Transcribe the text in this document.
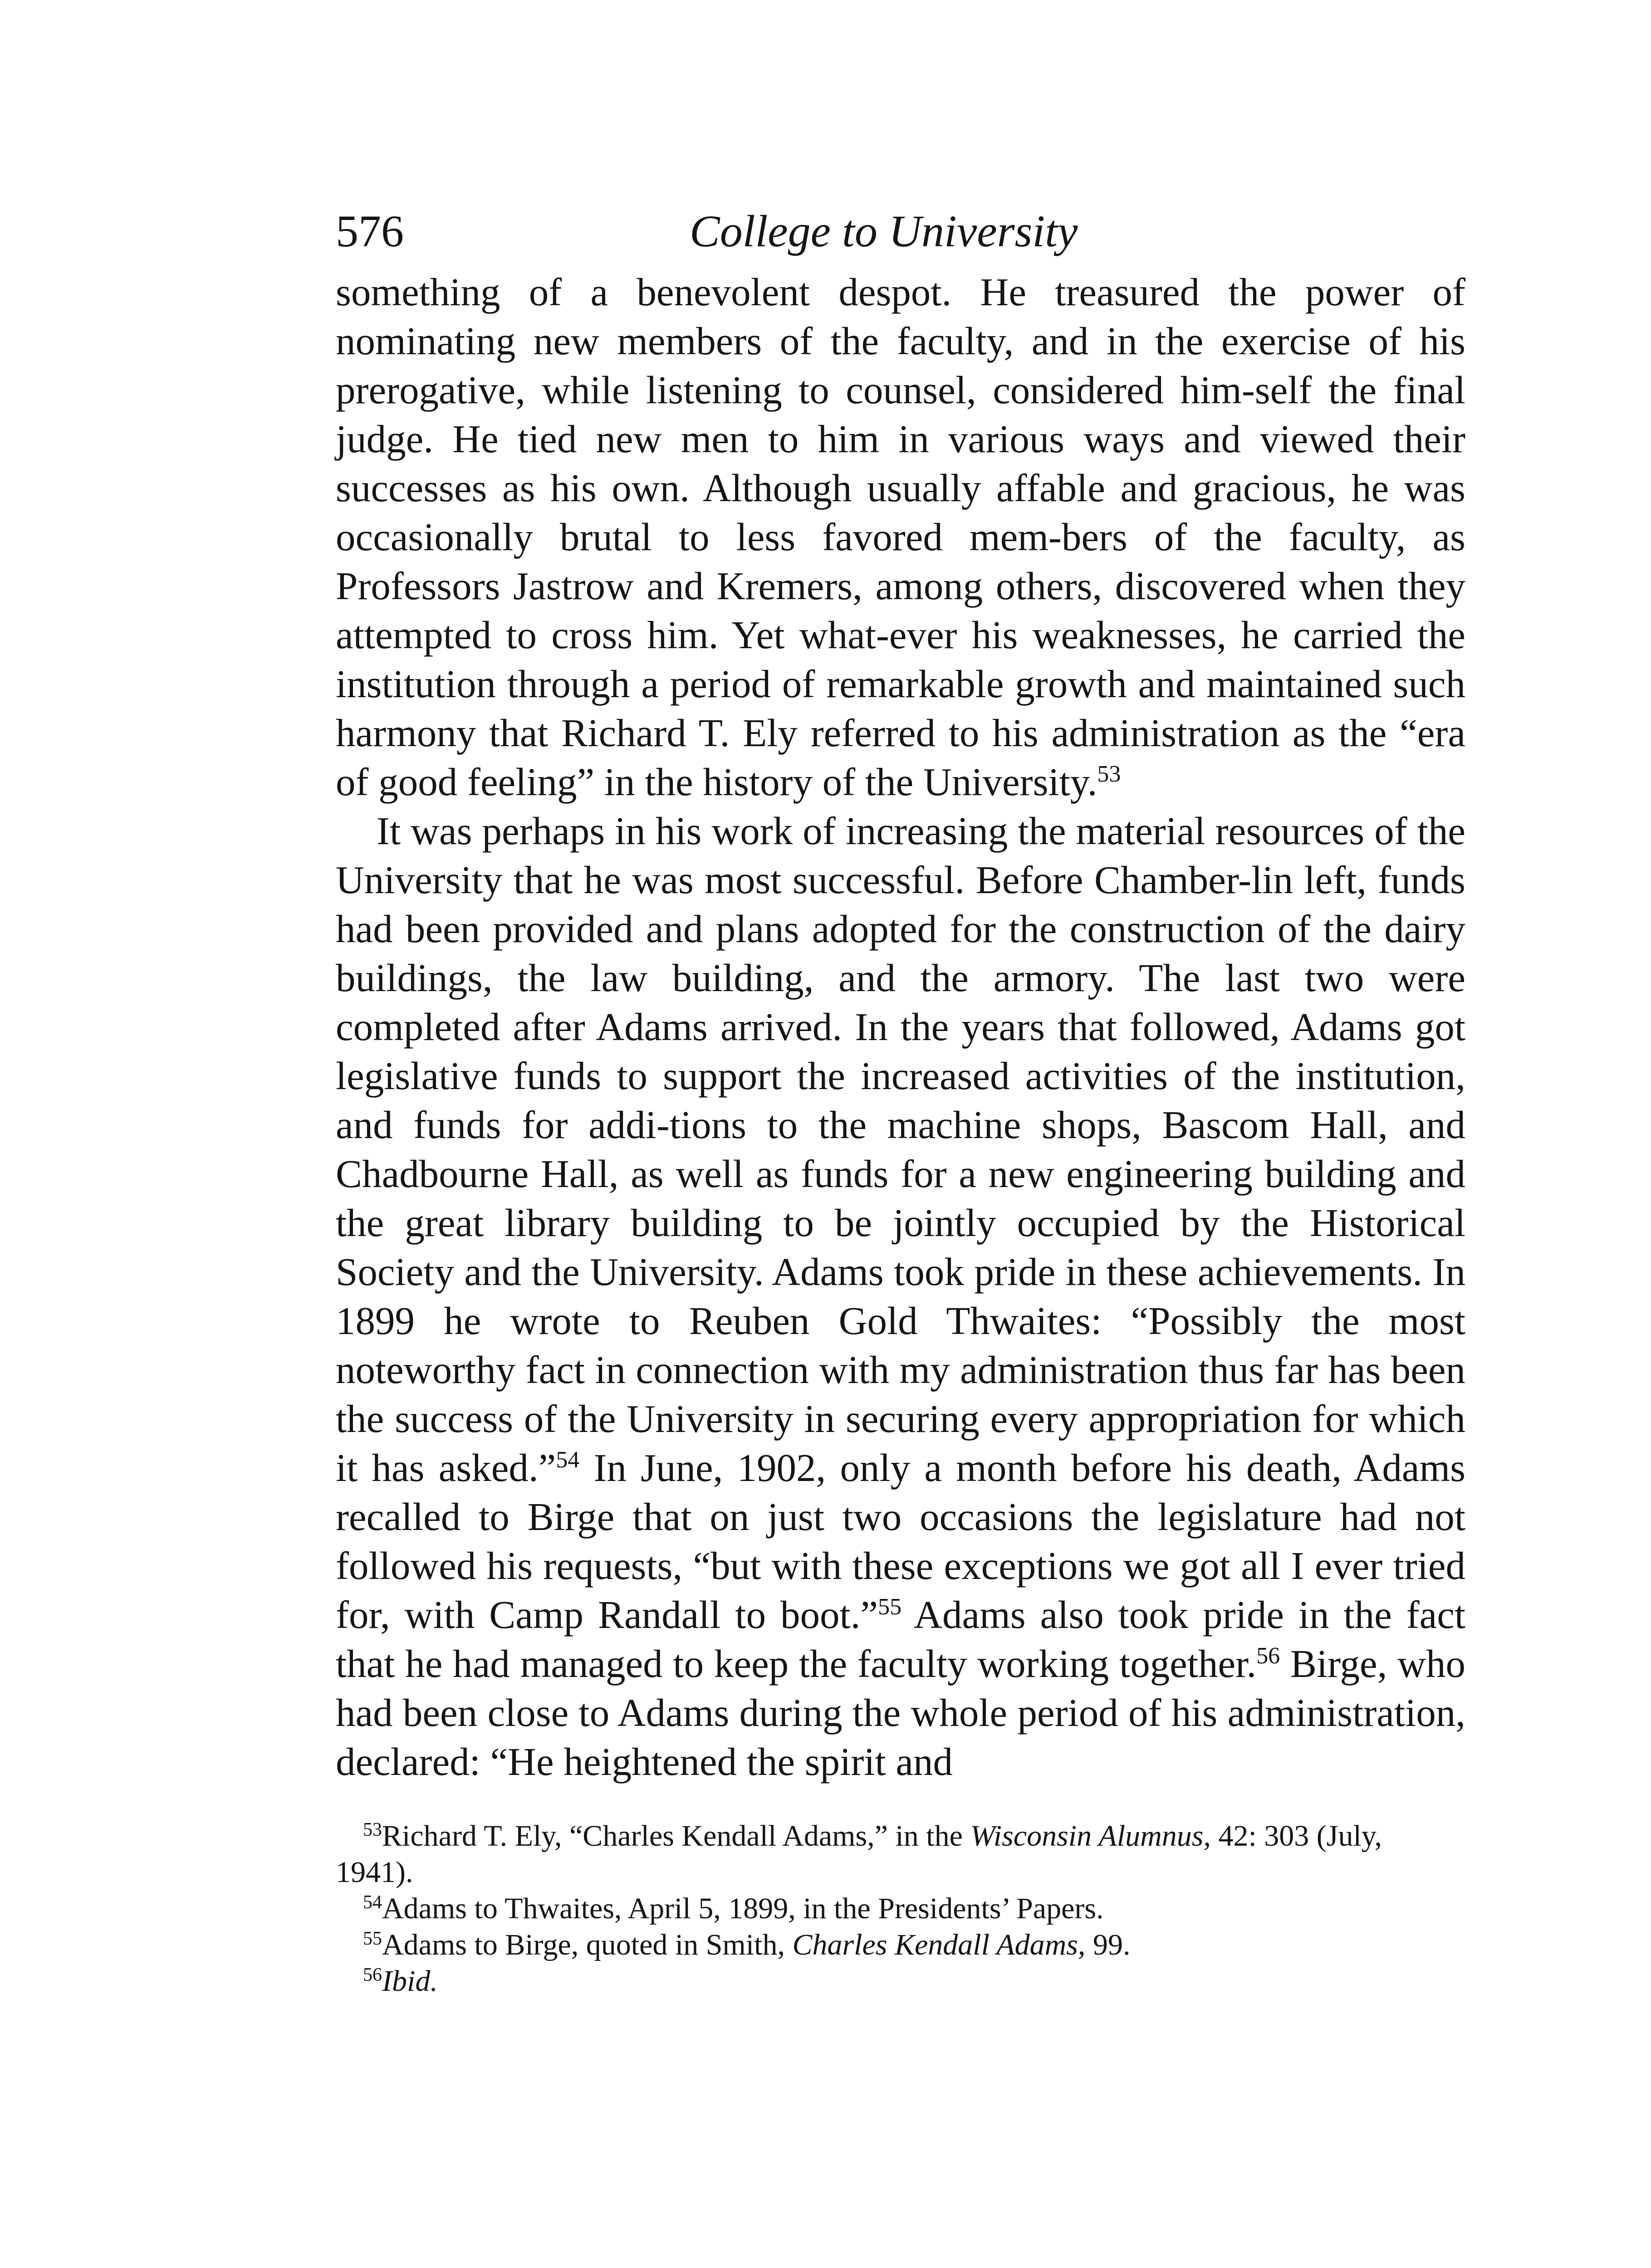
576	College to University

something of a benevolent despot. He treasured the power of nominating new members of the faculty, and in the exercise of his prerogative, while listening to counsel, considered him-self the final judge. He tied new men to him in various ways and viewed their successes as his own. Although usually affable and gracious, he was occasionally brutal to less favored mem-bers of the faculty, as Professors Jastrow and Kremers, among others, discovered when they attempted to cross him. Yet what-ever his weaknesses, he carried the institution through a period of remarkable growth and maintained such harmony that Richard T. Ely referred to his administration as the “era of good feeling” in the history of the University.$^{53}$

It was perhaps in his work of increasing the material resources of the University that he was most successful. Before Chamber-lin left, funds had been provided and plans adopted for the construction of the dairy buildings, the law building, and the armory. The last two were completed after Adams arrived. In the years that followed, Adams got legislative funds to support the increased activities of the institution, and funds for addi-tions to the machine shops, Bascom Hall, and Chadbourne Hall, as well as funds for a new engineering building and the great library building to be jointly occupied by the Historical Society and the University. Adams took pride in these achievements. In 1899 he wrote to Reuben Gold Thwaites: “Possibly the most noteworthy fact in connection with my administration thus far has been the success of the University in securing every appropriation for which it has asked.”$^{54}$ In June, 1902, only a month before his death, Adams recalled to Birge that on just two occasions the legislature had not followed his requests, “but with these exceptions we got all I ever tried for, with Camp Randall to boot.”$^{55}$ Adams also took pride in the fact that he had managed to keep the faculty working together.$^{56}$ Birge, who had been close to Adams during the whole period of his administration, declared: “He heightened the spirit and

$^{53}$Richard T. Ely, “Charles Kendall Adams,” in the Wisconsin Alumnus, 42: 303 (July, 1941).

$^{54}$Adams to Thwaites, April 5, 1899, in the Presidents’ Papers.

$^{55}$Adams to Birge, quoted in Smith, Charles Kendall Adams, 99.

$^{56}$Ibid.
